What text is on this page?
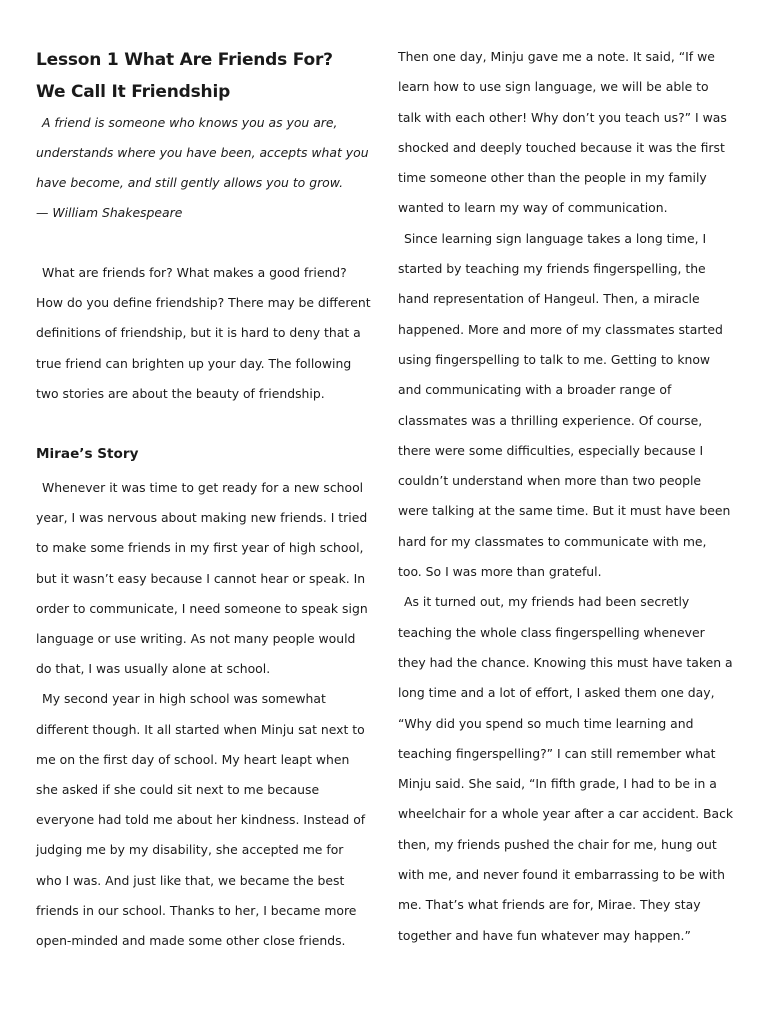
Lesson 1 What Are Friends For?
We Call It Friendship

A friend is someone who knows you as you are, understands where you have been, accepts what you have become, and still gently allows you to grow.

— William Shakespeare

What are friends for? What makes a good friend? How do you define friendship? There may be different definitions of friendship, but it is hard to deny that a true friend can brighten up your day. The following two stories are about the beauty of friendship.

Mirae’s Story

Whenever it was time to get ready for a new school year, I was nervous about making new friends. I tried to make some friends in my first year of high school, but it wasn’t easy because I cannot hear or speak. In order to communicate, I need someone to speak sign language or use writing. As not many people would do that, I was usually alone at school.

My second year in high school was somewhat different though. It all started when Minju sat next to me on the first day of school. My heart leapt when she asked if she could sit next to me because everyone had told me about her kindness. Instead of judging me by my disability, she accepted me for who I was. And just like that, we became the best friends in our school. Thanks to her, I became more open-minded and made some other close friends.

Then one day, Minju gave me a note. It said, “If we learn how to use sign language, we will be able to talk with each other! Why don’t you teach us?” I was shocked and deeply touched because it was the first time someone other than the people in my family wanted to learn my way of communication.

Since learning sign language takes a long time, I started by teaching my friends fingerspelling, the hand representation of Hangeul. Then, a miracle happened. More and more of my classmates started using fingerspelling to talk to me. Getting to know and communicating with a broader range of classmates was a thrilling experience. Of course, there were some difficulties, especially because I couldn’t understand when more than two people were talking at the same time. But it must have been hard for my classmates to communicate with me, too. So I was more than grateful.

As it turned out, my friends had been secretly teaching the whole class fingerspelling whenever they had the chance. Knowing this must have taken a long time and a lot of effort, I asked them one day, “Why did you spend so much time learning and teaching fingerspelling?” I can still remember what Minju said. She said, “In fifth grade, I had to be in a wheelchair for a whole year after a car accident. Back then, my friends pushed the chair for me, hung out with me, and never found it embarrassing to be with me. That’s what friends are for, Mirae. They stay together and have fun whatever may happen.”
